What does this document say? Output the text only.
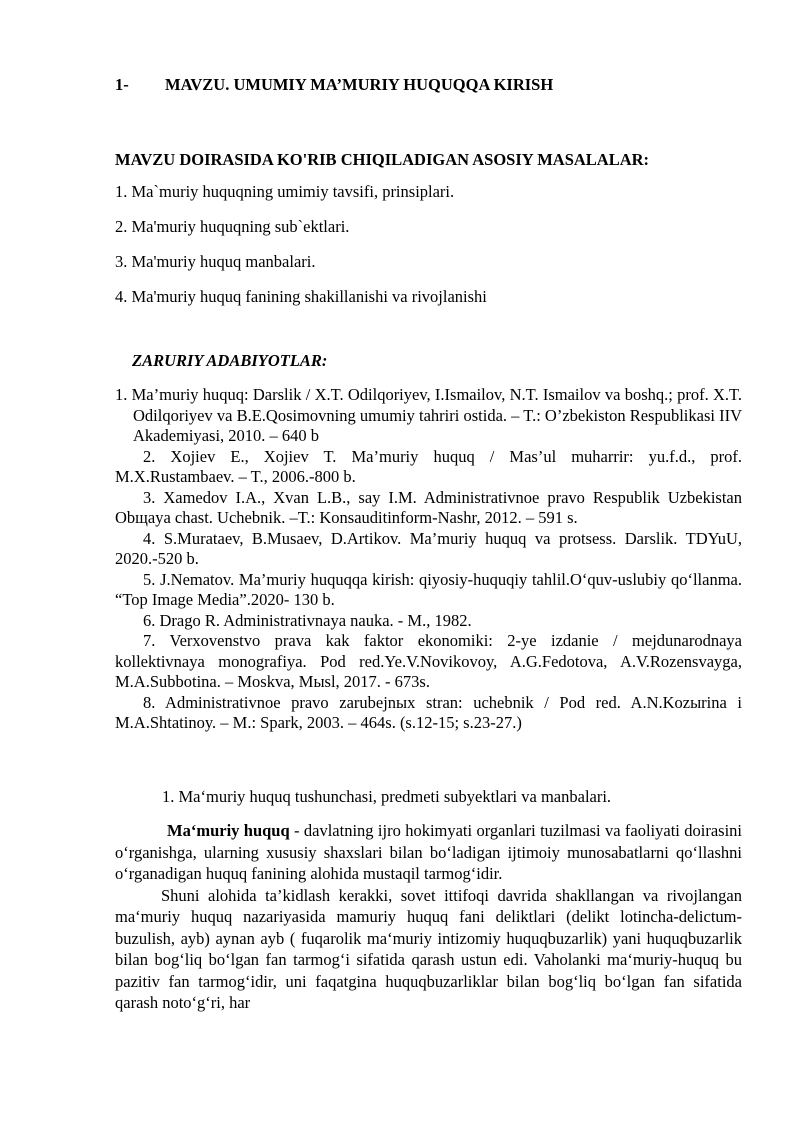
1- MAVZU. UMUMIY MA’MURIY HUQUQQA KIRISH
MAVZU DOIRASIDA KO'RIB CHIQILADIGAN ASOSIY MASALALAR:
1. Ma`muriy huquqning umimiy tavsifi, prinsiplari.
2. Ma'muriy huquqning sub`ektlari.
3. Ma'muriy huquq manbalari.
4. Ma'muriy huquq fanining shakillanishi va rivojlanishi
ZARURIY ADABIYOTLAR:
1. Ma’muriy huquq: Darslik / X.T. Odilqoriyev, I.Ismailov, N.T. Ismailov va boshq.; prof. X.T. Odilqoriyev va B.E.Qosimovning umumiy tahriri ostida. – T.: O’zbekiston Respublikasi IIV Akademiyasi, 2010. – 640 b
2. Xojiev E., Xojiev T. Ma’muriy huquq / Mas’ul muharrir: yu.f.d., prof. M.X.Rustambaev. – T., 2006.-800 b.
3. Xamedov I.A., Xvan L.B., say I.M. Administrativnoe pravo Respublik Uzbekistan Obщaya chast. Uchebnik. –T.: Konsauditinform-Nashr, 2012. – 591 s.
4. S.Murataev, B.Musaev, D.Artikov. Ma’muriy huquq va protsess. Darslik. TDYuU, 2020.-520 b.
5. J.Nematov. Ma’muriy huquqqa kirish: qiyosiy-huquqiy tahlil.O‘quv-uslubiy qo‘llanma. “Top Image Media”.2020- 130 b.
6. Drago R. Administrativnaya nauka. - M., 1982.
7. Verxovenstvo prava kak faktor ekonomiki: 2-ye izdanie / mejdunarodnaya kollektivnaya monografiya. Pod red.Ye.V.Novikovoy, A.G.Fedotova, A.V.Rozensvayga, M.A.Subbotina. – Moskva, Mыsl, 2017. - 673s.
8. Administrativnoe pravo zarubejnыx stran: uchebnik / Pod red. A.N.Kozыrina i M.A.Shtatinoy. – M.: Spark, 2003. – 464s. (s.12-15; s.23-27.)
1. Ma‘muriy huquq tushunchasi, predmeti subyektlari va manbalari.

Ma‘muriy huquq - davlatning ijro hokimyati organlari tuzilmasi va faoliyati doirasini o‘rganishga, ularning xususiy shaxslari bilan bo‘ladigan ijtimoiy munosabatlarni qo‘llashni o‘rganadigan huquq fanining alohida mustaqil tarmog‘idir.

Shuni alohida ta’kidlash kerakki, sovet ittifoqi davrida shakllangan va rivojlangan ma‘muriy huquq nazariyasida mamuriy huquq fani deliktlari (delikt lotincha-delictum-buzulish, ayb) aynan ayb ( fuqarolik ma‘muriy intizomiy huquqbuzarlik) yani huquqbuzarlik bilan bog‘liq bo‘lgan fan tarmog‘i sifatida qarash ustun edi. Vaholanki ma‘muriy-huquq bu pazitiv fan tarmog‘idir, uni faqatgina huquqbuzarliklar bilan bog‘liq bo‘lgan fan sifatida qarash noto‘g‘ri, har
